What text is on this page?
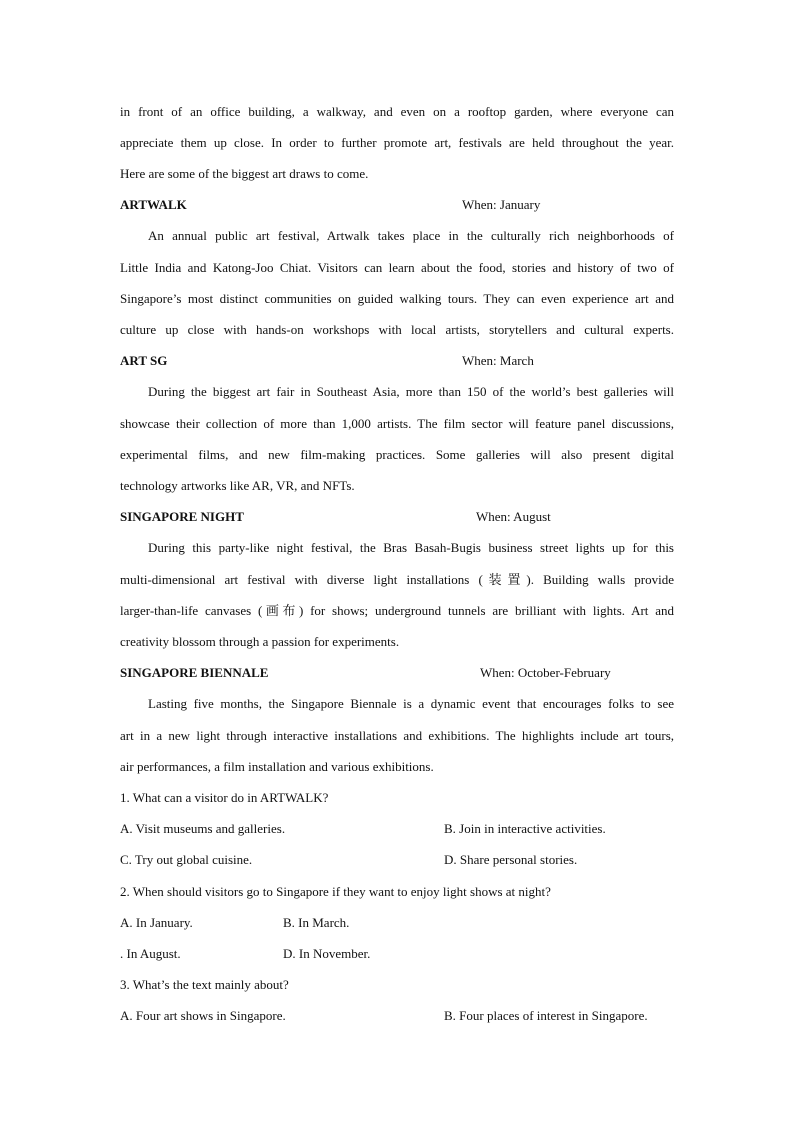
in front of an office building, a walkway, and even on a rooftop garden, where everyone can
appreciate them up close. In order to further promote art, festivals are held throughout the year.
Here are some of the biggest art draws to come.
ARTWALK	When: January
An annual public art festival, Artwalk takes place in the culturally rich neighborhoods of
Little India and Katong-Joo Chiat. Visitors can learn about the food, stories and history of two of
Singapore’s most distinct communities on guided walking tours. They can even experience art and
culture up close with hands-on workshops with local artists, storytellers and cultural experts.
ART SG	When: March
During the biggest art fair in Southeast Asia, more than 150 of the world’s best galleries will
showcase their collection of more than 1,000 artists. The film sector will feature panel discussions,
experimental films, and new film-making practices. Some galleries will also present digital
technology artworks like AR, VR, and NFTs.
SINGAPORE NIGHT	When: August
During this party-like night festival, the Bras Basah-Bugis business street lights up for this
multi-dimensional art festival with diverse light installations (装置). Building walls provide
larger-than-life canvases (画布) for shows; underground tunnels are brilliant with lights. Art and
creativity blossom through a passion for experiments.
SINGAPORE BIENNALE	When: October-February
Lasting five months, the Singapore Biennale is a dynamic event that encourages folks to see
art in a new light through interactive installations and exhibitions. The highlights include art tours,
air performances, a film installation and various exhibitions.
1. What can a visitor do in ARTWALK?
A. Visit museums and galleries.	B. Join in interactive activities.
C. Try out global cuisine.	D. Share personal stories.
2. When should visitors go to Singapore if they want to enjoy light shows at night?
A. In January.	B. In March.
. In August.	D. In November.
3. What’s the text mainly about?
A. Four art shows in Singapore.	B. Four places of interest in Singapore.
